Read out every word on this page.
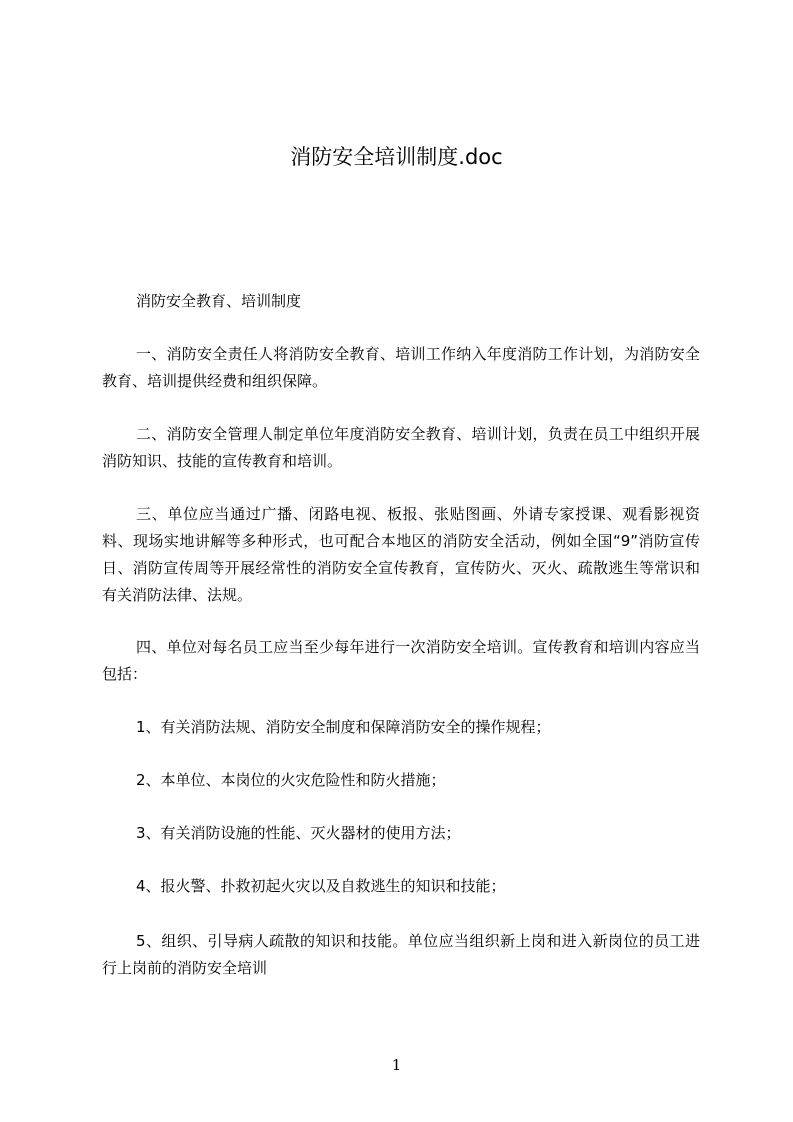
消防安全培训制度.doc
消防安全教育、培训制度

一、消防安全责任人将消防安全教育、培训工作纳入年度消防工作计划，为消防安全教育、培训提供经费和组织保障。

二、消防安全管理人制定单位年度消防安全教育、培训计划，负责在员工中组织开展消防知识、技能的宣传教育和培训。

三、单位应当通过广播、闭路电视、板报、张贴图画、外请专家授课、观看影视资料、现场实地讲解等多种形式，也可配合本地区的消防安全活动，例如全国“9”消防宣传日、消防宣传周等开展经常性的消防安全宣传教育，宣传防火、灭火、疏散逃生等常识和有关消防法律、法规。

四、单位对每名员工应当至少每年进行一次消防安全培训。宣传教育和培训内容应当包括：

1、有关消防法规、消防安全制度和保障消防安全的操作规程；

2、本单位、本岗位的火灾危险性和防火措施；

3、有关消防设施的性能、灭火器材的使用方法；

4、报火警、扑救初起火灾以及自救逃生的知识和技能；

5、组织、引导病人疏散的知识和技能。单位应当组织新上岗和进入新岗位的员工进行上岗前的消防安全培训

1
